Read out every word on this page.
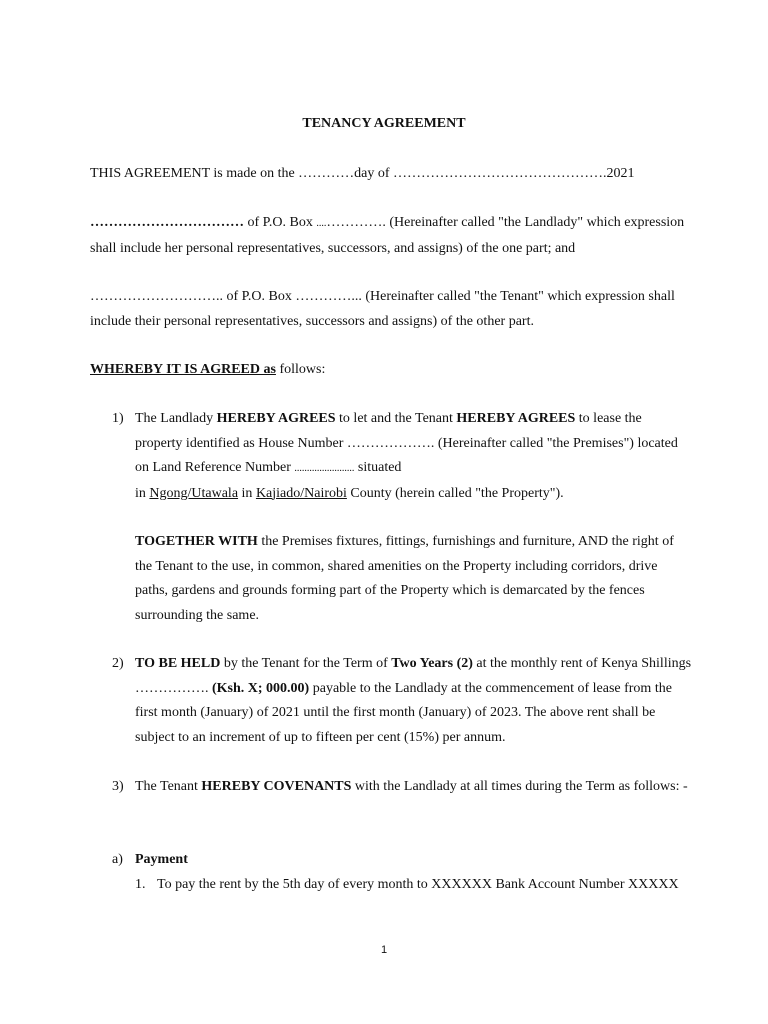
TENANCY AGREEMENT

THIS AGREEMENT is made on the …………day of ……………………………………….2021

…………………………… of P.O. Box ....…………. (Hereinafter called "the Landlady" which expression shall include her personal representatives, successors, and assigns) of the one part; and

……………………….. of P.O. Box …………... (Hereinafter called "the Tenant" which expression shall include their personal representatives, successors and assigns) of the other part.

WHEREBY IT IS AGREED as follows:

1) The Landlady HEREBY AGREES to let and the Tenant HEREBY AGREES to lease the property identified as House Number ………………. (Hereinafter called "the Premises") located on Land Reference Number ........................ situated
in Ngong/Utawala in Kajiado/Nairobi County (herein called "the Property").
TOGETHER WITH the Premises fixtures, fittings, furnishings and furniture, AND the right of the Tenant to the use, in common, shared amenities on the Property including corridors, drive paths, gardens and grounds forming part of the Property which is demarcated by the fences surrounding the same.
2) TO BE HELD by the Tenant for the Term of Two Years (2) at the monthly rent of Kenya Shillings ……………. (Ksh. X; 000.00) payable to the Landlady at the commencement of lease from the first month (January) of 2021 until the first month (January) of 2023. The above rent shall be subject to an increment of up to fifteen per cent (15%) per annum.
3) The Tenant HEREBY COVENANTS with the Landlady at all times during the Term as follows: -
a) Payment
1. To pay the rent by the 5th day of every month to XXXXXX Bank Account Number XXXXX
1
